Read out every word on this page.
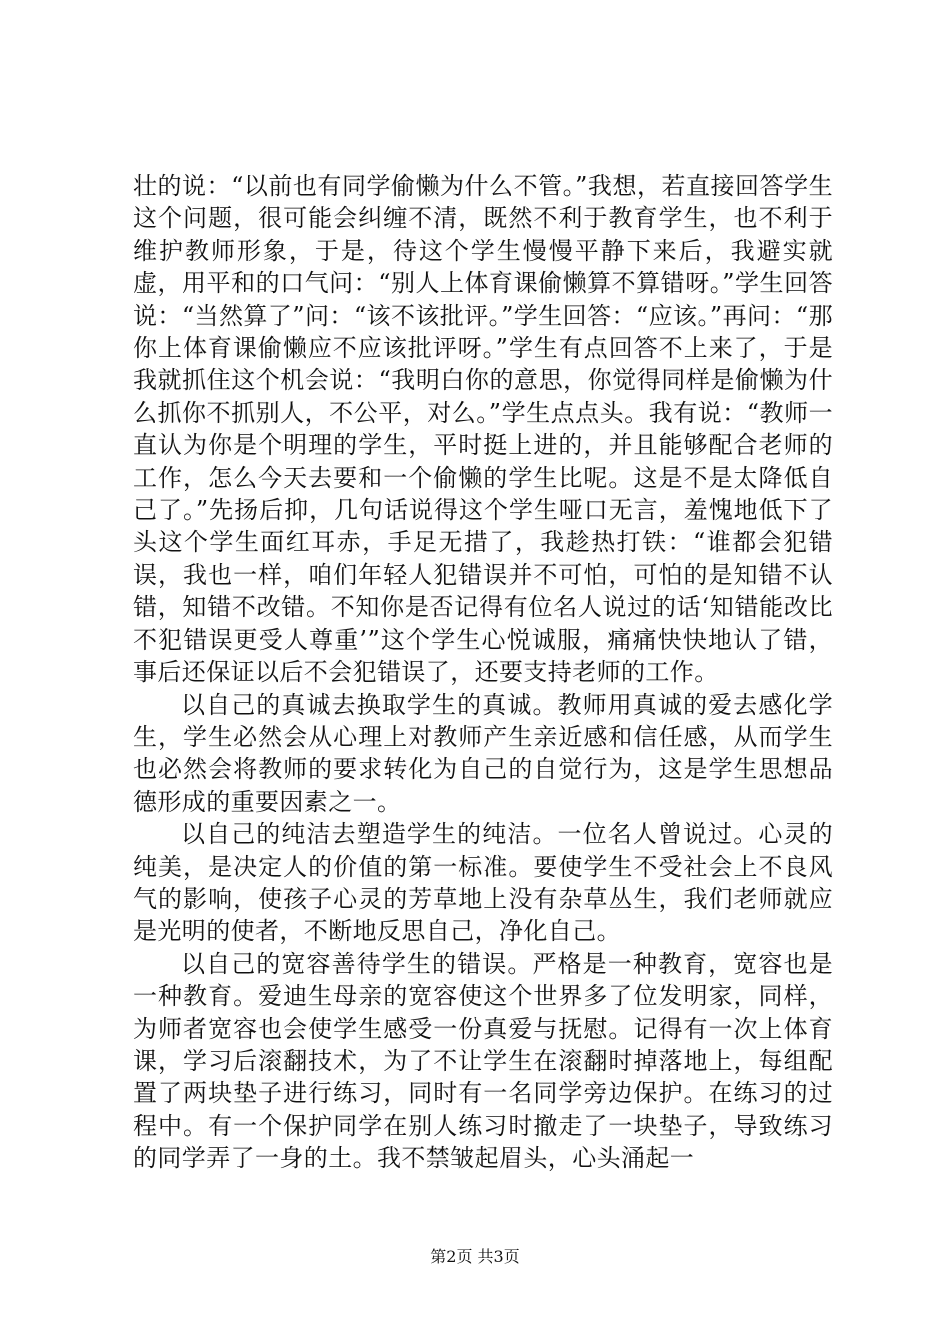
壮的说：“以前也有同学偷懒为什么不管。”我想，若直接回答学生这个问题，很可能会纠缠不清，既然不利于教育学生，也不利于维护教师形象，于是，待这个学生慢慢平静下来后，我避实就虚，用平和的口气问：“别人上体育课偷懒算不算错呀。”学生回答说：“当然算了”问：“该不该批评。”学生回答：“应该。”再问：“那你上体育课偷懒应不应该批评呀。”学生有点回答不上来了，于是我就抓住这个机会说：“我明白你的意思，你觉得同样是偷懒为什么抓你不抓别人，不公平，对么。”学生点点头。我有说：“教师一直认为你是个明理的学生，平时挺上进的，并且能够配合老师的工作，怎么今天去要和一个偷懒的学生比呢。这是不是太降低自己了。”先扬后抑，几句话说得这个学生哑口无言，羞愧地低下了头这个学生面红耳赤，手足无措了，我趁热打铁：“谁都会犯错误，我也一样，咱们年轻人犯错误并不可怕，可怕的是知错不认错，知错不改错。不知你是否记得有位名人说过的话‘知错能改比不犯错误更受人尊重’”这个学生心悦诚服，痛痛快快地认了错，事后还保证以后不会犯错误了，还要支持老师的工作。

以自己的真诚去换取学生的真诚。教师用真诚的爱去感化学生，学生必然会从心理上对教师产生亲近感和信任感，从而学生也必然会将教师的要求转化为自己的自觉行为，这是学生思想品德形成的重要因素之一。

以自己的纯洁去塑造学生的纯洁。一位名人曾说过。心灵的纯美，是决定人的价值的第一标准。要使学生不受社会上不良风气的影响，使孩子心灵的芳草地上没有杂草丛生，我们老师就应是光明的使者，不断地反思自己，净化自己。

以自己的宽容善待学生的错误。严格是一种教育，宽容也是一种教育。爱迪生母亲的宽容使这个世界多了位发明家，同样，为师者宽容也会使学生感受一份真爱与抚慰。记得有一次上体育课，学习后滚翻技术，为了不让学生在滚翻时掉落地上，每组配置了两块垫子进行练习，同时有一名同学旁边保护。在练习的过程中。有一个保护同学在别人练习时撤走了一块垫子，导致练习的同学弄了一身的土。我不禁皱起眉头，心头涌起一

第2页 共3页
